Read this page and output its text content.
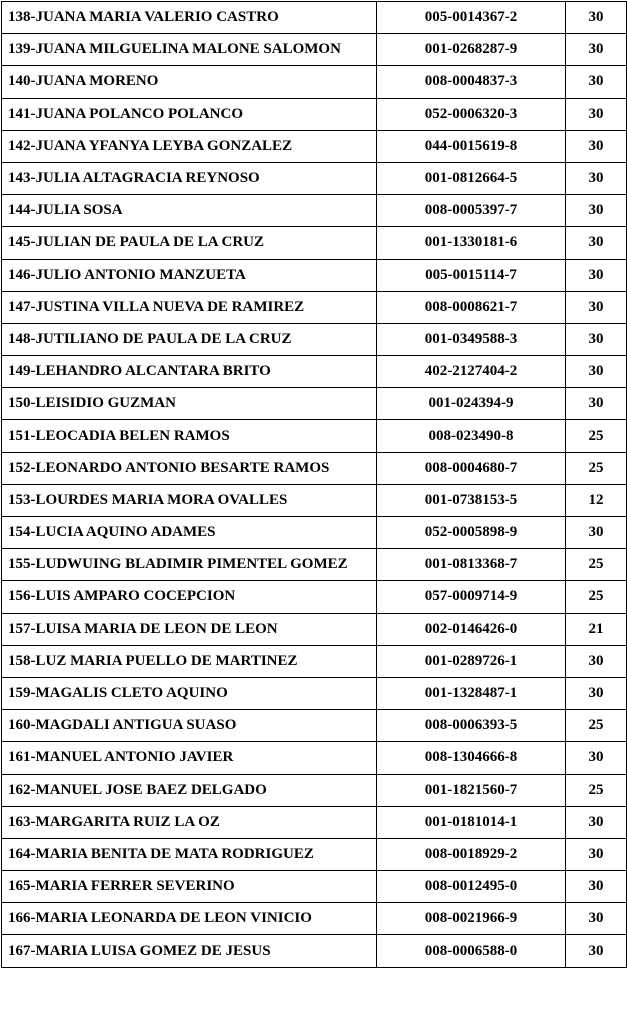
138-JUANA MARIA VALERIO CASTRO	005-0014367-2	30
139-JUANA MILGUELINA MALONE SALOMON	001-0268287-9	30
140-JUANA MORENO	008-0004837-3	30
141-JUANA POLANCO POLANCO	052-0006320-3	30
142-JUANA YFANYA LEYBA GONZALEZ	044-0015619-8	30
143-JULIA ALTAGRACIA REYNOSO	001-0812664-5	30
144-JULIA SOSA	008-0005397-7	30
145-JULIAN DE PAULA DE LA CRUZ	001-1330181-6	30
146-JULIO ANTONIO MANZUETA	005-0015114-7	30
147-JUSTINA VILLA NUEVA DE RAMIREZ	008-0008621-7	30
148-JUTILIANO DE PAULA DE LA CRUZ	001-0349588-3	30
149-LEHANDRO ALCANTARA BRITO	402-2127404-2	30
150-LEISIDIO GUZMAN	001-024394-9	30
151-LEOCADIA BELEN RAMOS	008-023490-8	25
152-LEONARDO ANTONIO BESARTE RAMOS	008-0004680-7	25
153-LOURDES MARIA MORA OVALLES	001-0738153-5	12
154-LUCIA AQUINO ADAMES	052-0005898-9	30
155-LUDWUING BLADIMIR PIMENTEL GOMEZ	001-0813368-7	25
156-LUIS AMPARO COCEPCION	057-0009714-9	25
157-LUISA MARIA DE LEON DE LEON	002-0146426-0	21
158-LUZ MARIA PUELLO DE MARTINEZ	001-0289726-1	30
159-MAGALIS CLETO AQUINO	001-1328487-1	30
160-MAGDALI ANTIGUA SUASO	008-0006393-5	25
161-MANUEL ANTONIO JAVIER	008-1304666-8	30
162-MANUEL JOSE BAEZ DELGADO	001-1821560-7	25
163-MARGARITA RUIZ LA OZ	001-0181014-1	30
164-MARIA BENITA DE MATA RODRIGUEZ	008-0018929-2	30
165-MARIA FERRER SEVERINO	008-0012495-0	30
166-MARIA LEONARDA DE LEON VINICIO	008-0021966-9	30
167-MARIA LUISA GOMEZ DE JESUS	008-0006588-0	30
